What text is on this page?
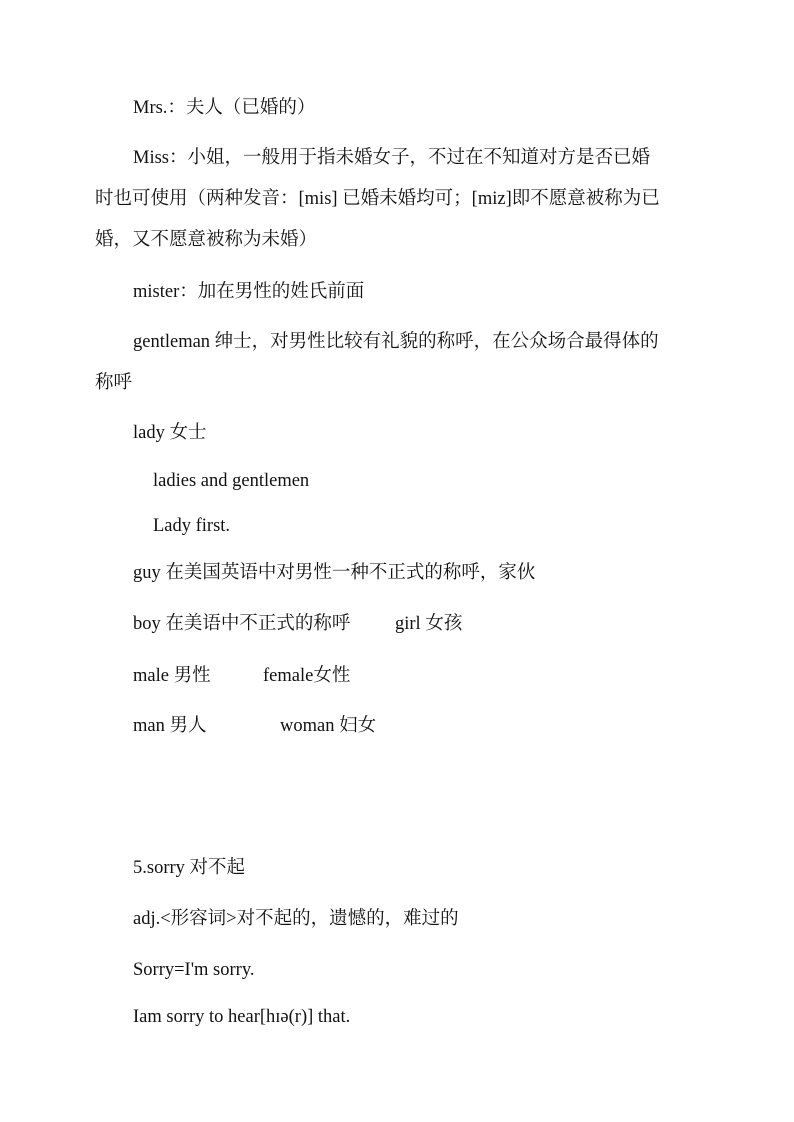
Mrs.：夫人（已婚的）

Miss：小姐，一般用于指未婚女子，不过在不知道对方是否已婚

时也可使用（两种发音：[mis] 已婚未婚均可；[miz]即不愿意被称为已

婚，又不愿意被称为未婚）

mister：加在男性的姓氏前面

gentleman 绅士，对男性比较有礼貌的称呼，在公众场合最得体的

称呼

lady 女士

ladies and gentlemen

Lady first.

guy 在美国英语中对男性一种不正式的称呼，家伙

boy 在美语中不正式的称呼 girl 女孩

male 男性	female女性

man 男人	woman 妇女

5.sorry 对不起

adj.<形容词>对不起的，遗憾的，难过的

Sorry=I'm sorry.

Iam sorry to hear[hɪə(r)] that.
